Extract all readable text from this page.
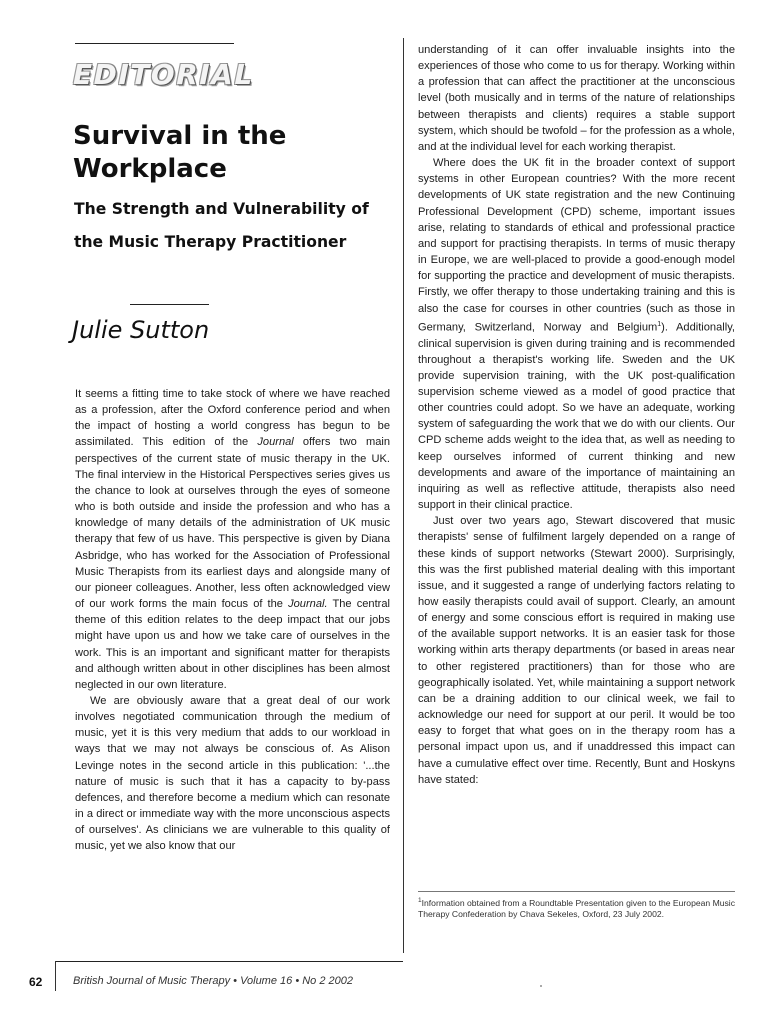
EDITORIAL
Survival in the Workplace
The Strength and Vulnerability of the Music Therapy Practitioner
Julie Sutton

It seems a fitting time to take stock of where we have reached as a profession, after the Oxford conference period and when the impact of hosting a world congress has begun to be assimilated. This edition of the Journal offers two main perspectives of the current state of music therapy in the UK. The final interview in the Historical Perspectives series gives us the chance to look at ourselves through the eyes of someone who is both outside and inside the profession and who has a knowledge of many details of the administration of UK music therapy that few of us have. This perspective is given by Diana Asbridge, who has worked for the Association of Professional Music Therapists from its earliest days and alongside many of our pioneer colleagues. Another, less often acknowledged view of our work forms the main focus of the Journal. The central theme of this edition relates to the deep impact that our jobs might have upon us and how we take care of ourselves in the work. This is an important and significant matter for therapists and although written about in other disciplines has been almost neglected in our own literature.

We are obviously aware that a great deal of our work involves negotiated communication through the medium of music, yet it is this very medium that adds to our workload in ways that we may not always be conscious of. As Alison Levinge notes in the second article in this publication: '...the nature of music is such that it has a capacity to by-pass defences, and therefore become a medium which can resonate in a direct or immediate way with the more unconscious aspects of ourselves'. As clinicians we are vulnerable to this quality of music, yet we also know that our

understanding of it can offer invaluable insights into the experiences of those who come to us for therapy. Working within a profession that can affect the practitioner at the unconscious level (both musically and in terms of the nature of relationships between therapists and clients) requires a stable support system, which should be twofold – for the profession as a whole, and at the individual level for each working therapist.

Where does the UK fit in the broader context of support systems in other European countries? With the more recent developments of UK state registration and the new Continuing Professional Development (CPD) scheme, important issues arise, relating to standards of ethical and professional practice and support for practising therapists. In terms of music therapy in Europe, we are well-placed to provide a good-enough model for supporting the practice and development of music therapists. Firstly, we offer therapy to those undertaking training and this is also the case for courses in other countries (such as those in Germany, Switzerland, Norway and Belgium$^1$). Additionally, clinical supervision is given during training and is recommended throughout a therapist's working life. Sweden and the UK provide supervision training, with the UK post-qualification supervision scheme viewed as a model of good practice that other countries could adopt. So we have an adequate, working system of safeguarding the work that we do with our clients. Our CPD scheme adds weight to the idea that, as well as needing to keep ourselves informed of current thinking and new developments and aware of the importance of maintaining an inquiring as well as reflective attitude, therapists also need support in their clinical practice.

Just over two years ago, Stewart discovered that music therapists' sense of fulfilment largely depended on a range of these kinds of support networks (Stewart 2000). Surprisingly, this was the first published material dealing with this important issue, and it suggested a range of underlying factors relating to how easily therapists could avail of support. Clearly, an amount of energy and some conscious effort is required in making use of the available support networks. It is an easier task for those working within arts therapy departments (or based in areas near to other registered practitioners) than for those who are geographically isolated. Yet, while maintaining a support network can be a draining addition to our clinical week, we fail to acknowledge our need for support at our peril. It would be too easy to forget that what goes on in the therapy room has a personal impact upon us, and if unaddressed this impact can have a cumulative effect over time. Recently, Bunt and Hoskyns have stated:

$^1$Information obtained from a Roundtable Presentation given to the European Music Therapy Confederation by Chava Sekeles, Oxford, 23 July 2002.

62	British Journal of Music Therapy • Volume 16 • No 2 2002
